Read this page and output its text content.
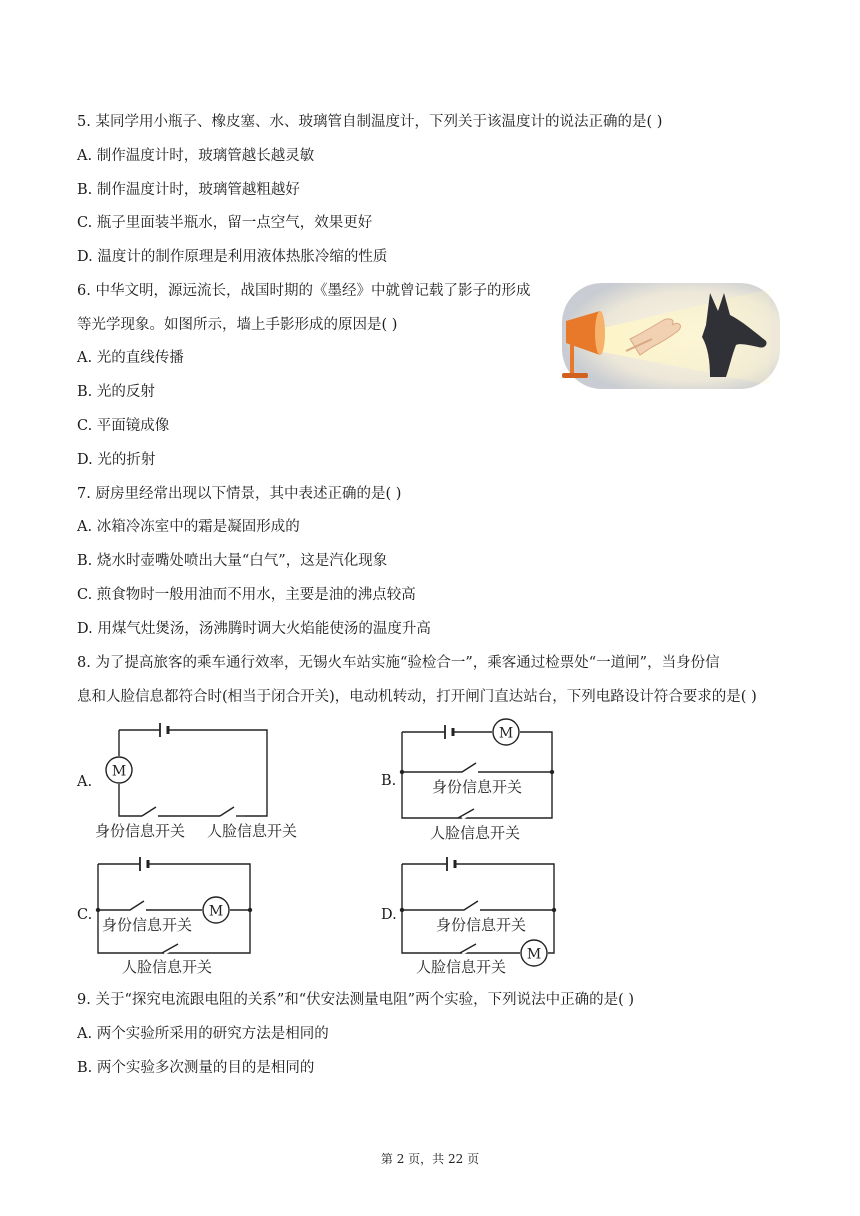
5. 某同学用小瓶子、橡皮塞、水、玻璃管自制温度计，下列关于该温度计的说法正确的是( )
A. 制作温度计时，玻璃管越长越灵敏
B. 制作温度计时，玻璃管越粗越好
C. 瓶子里面装半瓶水，留一点空气，效果更好
D. 温度计的制作原理是利用液体热胀冷缩的性质
6. 中华文明，源远流长，战国时期的《墨经》中就曾记载了影子的形成
等光学现象。如图所示，墙上手影形成的原因是( )
A. 光的直线传播
B. 光的反射
C. 平面镜成像
D. 光的折射
7. 厨房里经常出现以下情景，其中表述正确的是( )
A. 冰箱冷冻室中的霜是凝固形成的
B. 烧水时壶嘴处喷出大量“白气”，这是汽化现象
C. 煎食物时一般用油而不用水，主要是油的沸点较高
D. 用煤气灶煲汤，汤沸腾时调大火焰能使汤的温度升高
8. 为了提高旅客的乘车通行效率，无锡火车站实施“验检合一”，乘客通过检票处“一道闸”，当身份信
息和人脸信息都符合时(相当于闭合开关)，电动机转动，打开闸门直达站台，下列电路设计符合要求的是( )
A.
M
身份信息开关 人脸信息开关
B.
M
身份信息开关
人脸信息开关
C.	M
身份信息开关
人脸信息开关
D.
M
身份信息开关
人脸信息开关
9. 关于“探究电流跟电阻的关系”和“伏安法测量电阻”两个实验，下列说法中正确的是( )
A. 两个实验所采用的研究方法是相同的
B. 两个实验多次测量的目的是相同的
第 2 页，共 22 页
